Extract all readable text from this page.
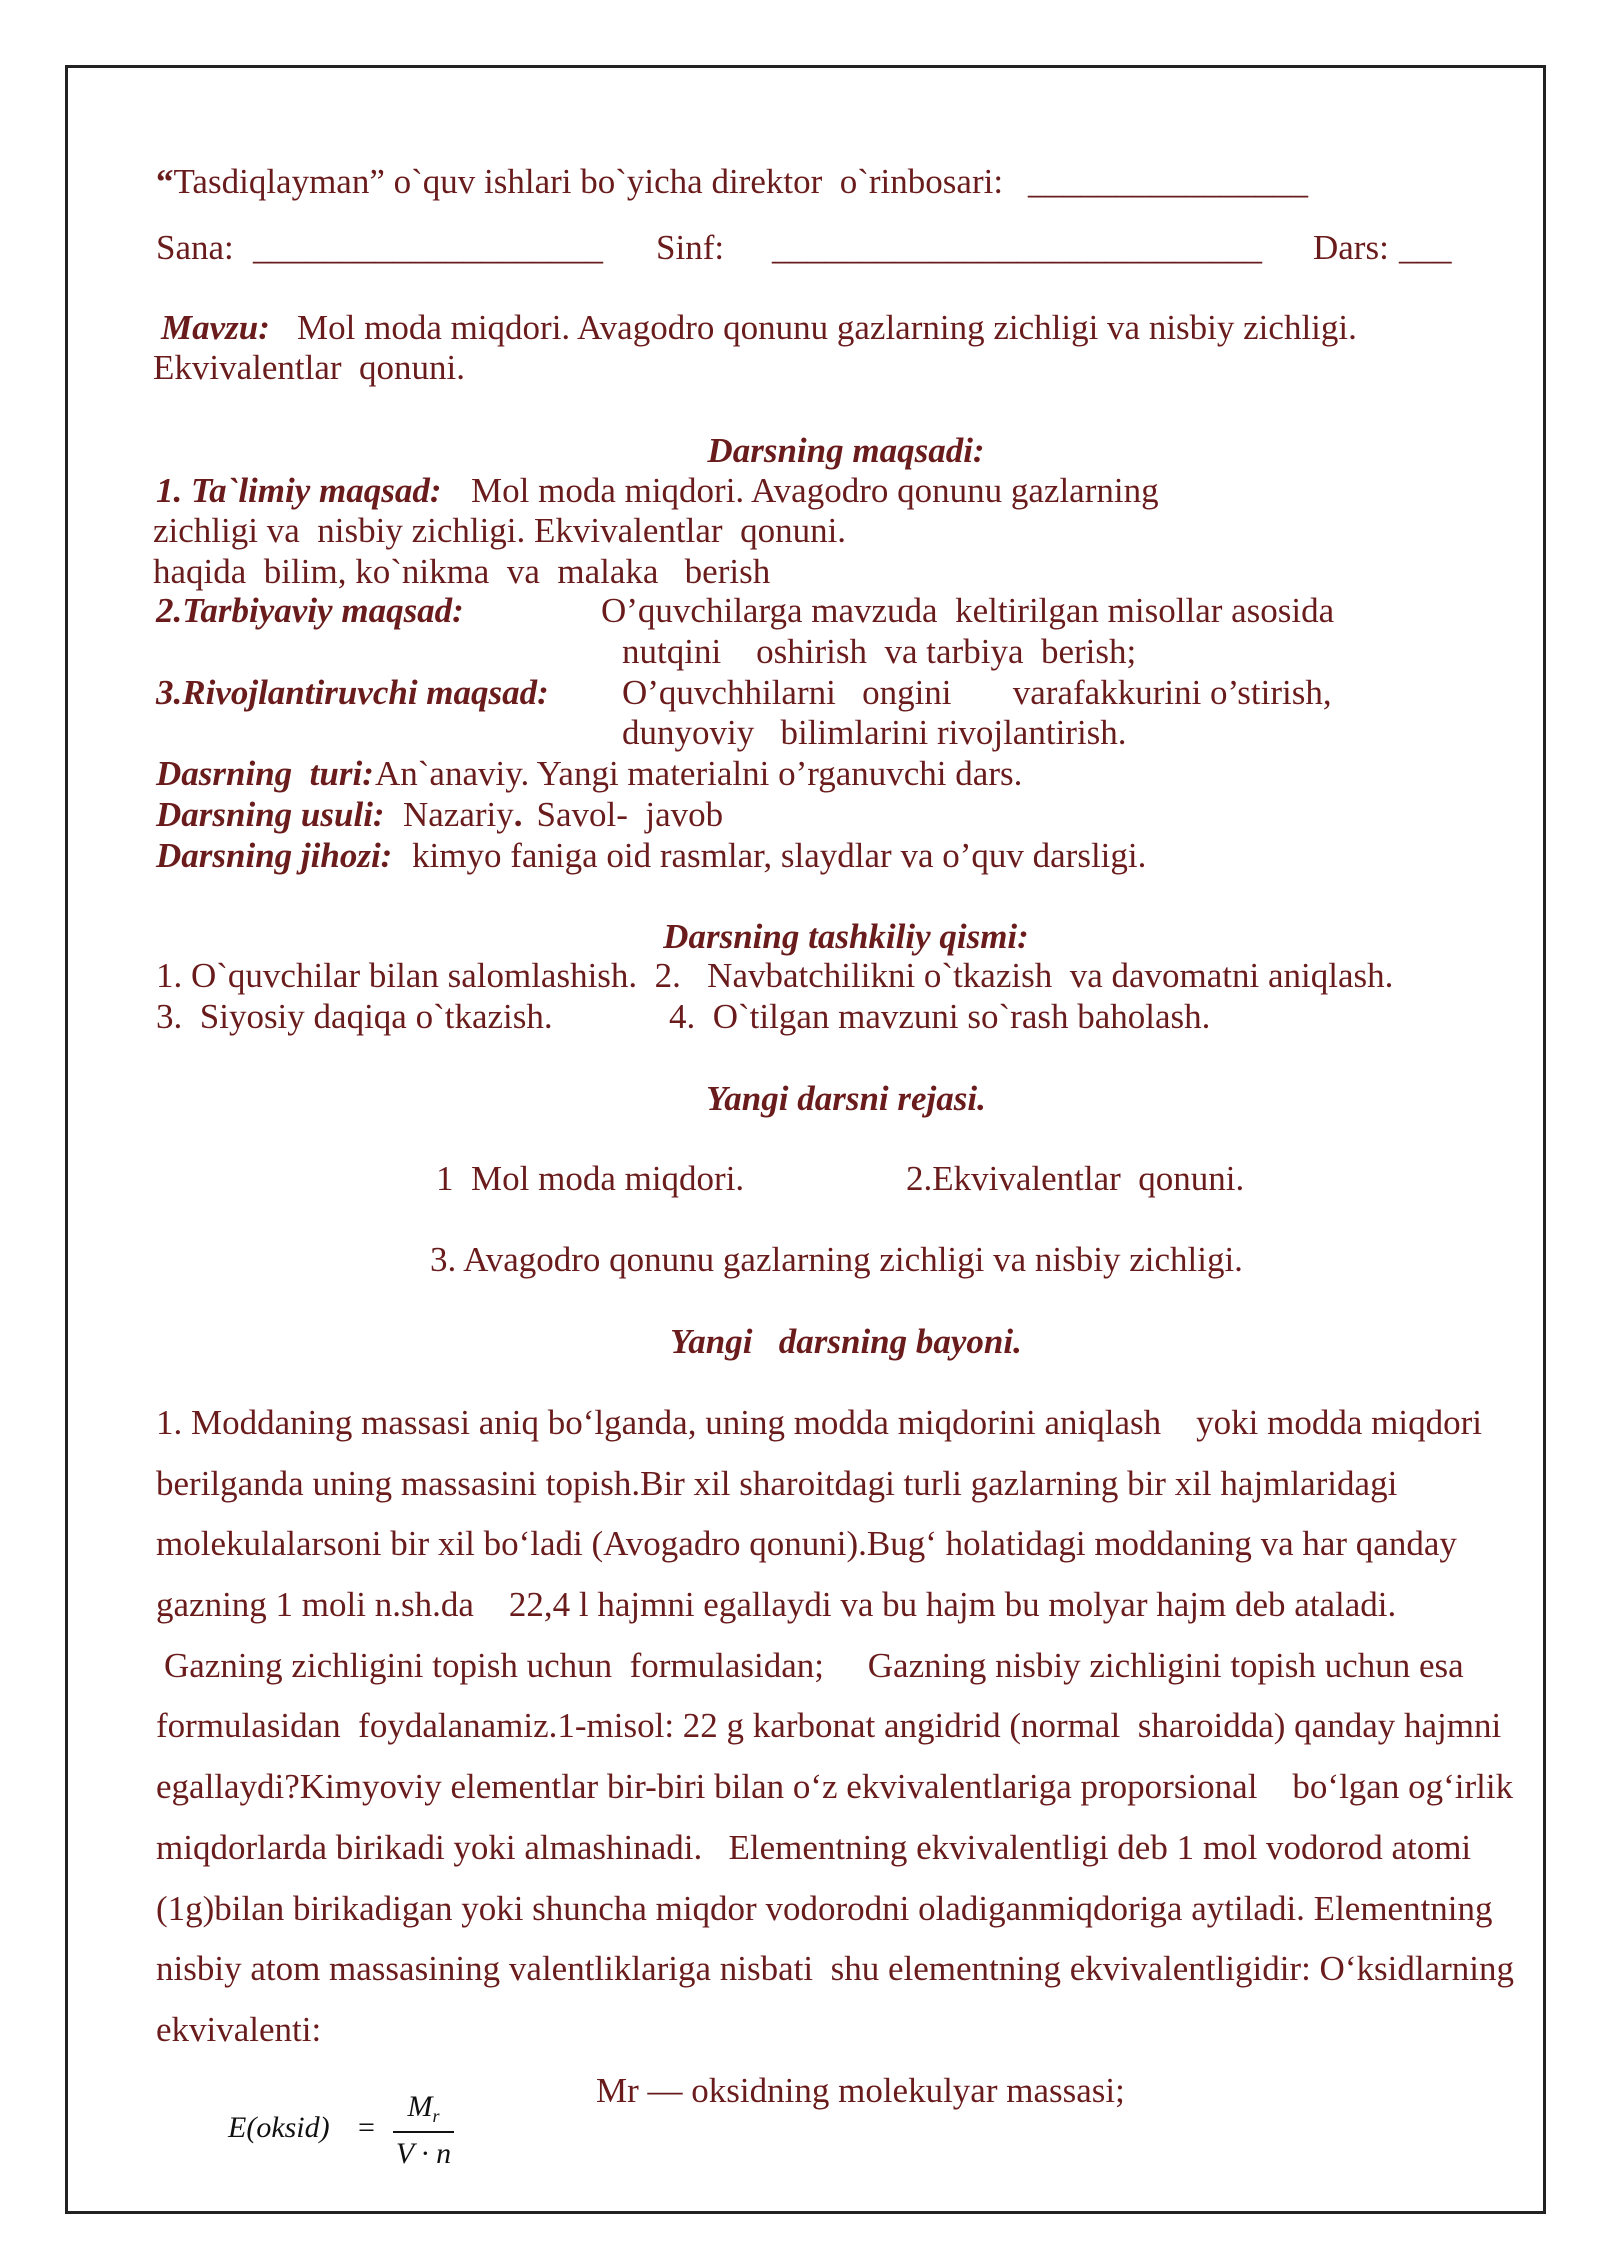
“Tasdiqlayman” o`quv ishlari bo`yicha direktor  o`rinbosari: ________________
Sana: ____________________ Sinf: ____________________________ Dars: ___
Mavzu: Mol moda miqdori. Avagodro qonunu gazlarning zichligi va nisbiy zichligi.
Ekvivalentlar  qonuni.
Darsning maqsadi:
1. Ta`limiy maqsad: Mol moda miqdori. Avagodro qonunu gazlarning
zichligi va  nisbiy zichligi. Ekvivalentlar  qonuni.
haqida  bilim, ko`nikma  va  malaka   berish
2.Tarbiyaviy maqsad:	O’quvchilarga mavzuda  keltirilgan misollar asosida
nutqini    oshirish  va tarbiya  berish;
3.Rivojlantiruvchi maqsad: O’quvchhilarni   ongini       varafakkurini o’stirish,
dunyoviy   bilimlarini rivojlantirish.
Dasrning  turi: An`anaviy. Yangi materialni o’rganuvchi dars.
Darsning usuli: Nazariy. Savol-  javob
Darsning jihozi: kimyo faniga oid rasmlar, slaydlar va o’quv darsligi.
Darsning tashkiliy qismi:
1. O`quvchilar bilan salomlashish.  2.   Navbatchilikni o`tkazish  va davomatni aniqlash.
3.  Siyosiy daqiqa o`tkazish.	4.  O`tilgan mavzuni so`rash baholash.
Yangi darsni rejasi.
1  Mol moda miqdori.	2.Ekvivalentlar  qonuni.
3. Avagodro qonunu gazlarning zichligi va nisbiy zichligi.
Yangi   darsning bayoni.
1. Moddaning massasi aniq bo‘lganda, uning modda miqdorini aniqlash    yoki modda miqdori
berilganda uning massasini topish.Bir xil sharoitdagi turli gazlarning bir xil hajmlaridagi
molekulalarsoni bir xil bo‘ladi (Avogadro qonuni).Bug‘ holatidagi moddaning va har qanday
gazning 1 moli n.sh.da    22,4 l hajmni egallaydi va bu hajm bu molyar hajm deb ataladi.
Gazning zichligini topish uchun  formulasidan;     Gazning nisbiy zichligini topish uchun esa
formulasidan  foydalanamiz.1-misol: 22 g karbonat angidrid (normal  sharoidda) qanday hajmni
egallaydi?Kimyoviy elementlar bir-biri bilan o‘z ekvivalentlariga proporsional    bo‘lgan og‘irlik
miqdorlarda birikadi yoki almashinadi.   Elementning ekvivalentligi deb 1 mol vodorod atomi
(1g)bilan birikadigan yoki shuncha miqdor vodorodni oladiganmiqdoriga aytiladi. Elementning
nisbiy atom massasining valentliklariga nisbati  shu elementning ekvivalentligidir: O‘ksidlarning
ekvivalenti:
Mr — oksidning molekulyar massasi;
E(oksid) =
$M_r$
V · n
